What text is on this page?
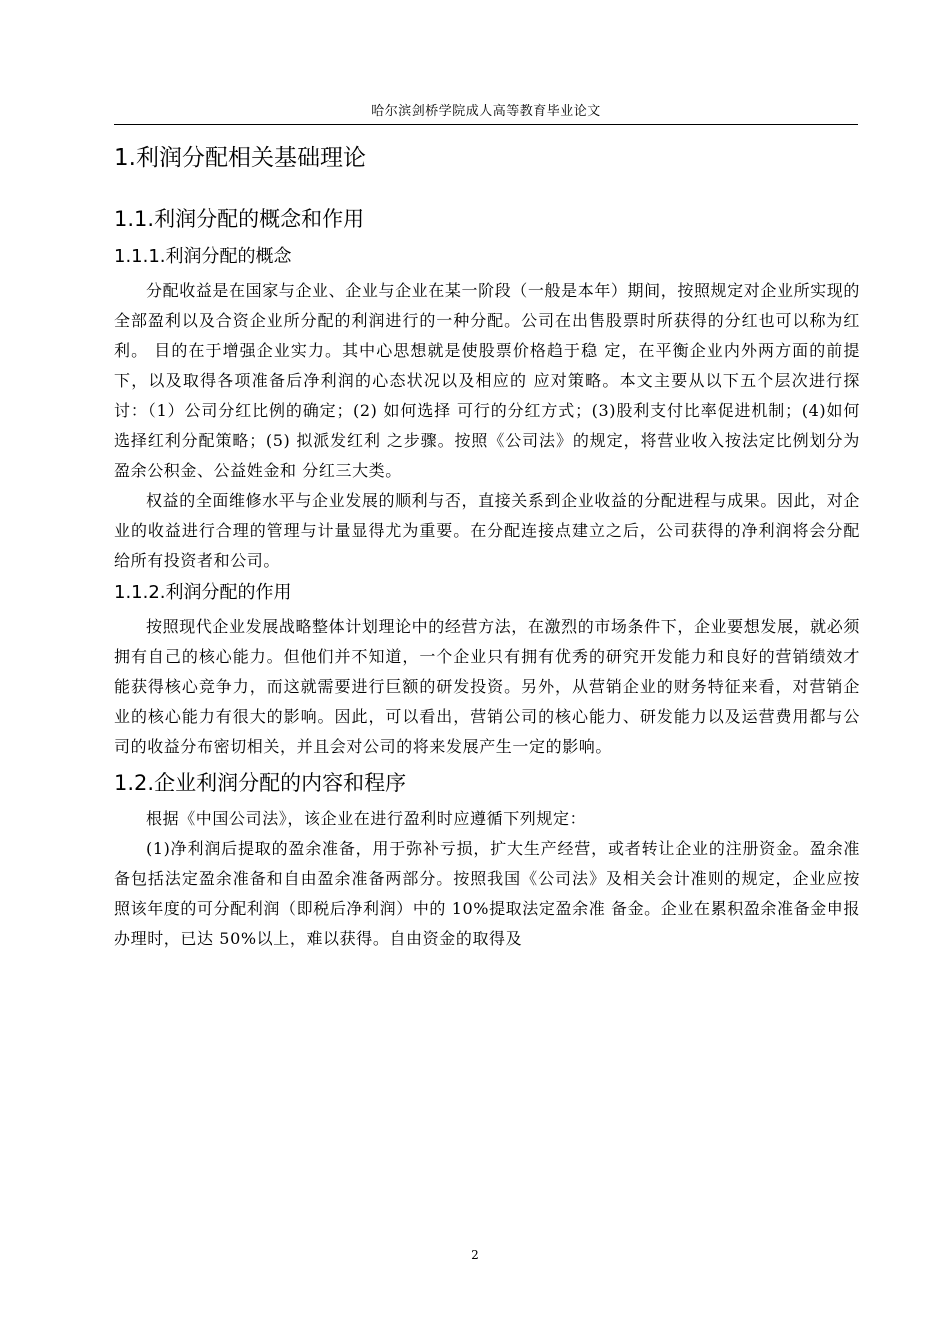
哈尔滨剑桥学院成人高等教育毕业论文
1.利润分配相关基础理论
1.1.利润分配的概念和作用
1.1.1.利润分配的概念

分配收益是在国家与企业、企业与企业在某一阶段（一般是本年）期间，按照规定对企业所实现的全部盈利以及合资企业所分配的利润进行的一种分配。公司在出售股票时所获得的分红也可以称为红利。 目的在于增强企业实力。其中心思想就是使股票价格趋于稳 定，在平衡企业内外两方面的前提下，以及取得各项准备后净利润的心态状况以及相应的 应对策略。本文主要从以下五个层次进行探讨：（1）公司分红比例的确定；(2) 如何选择 可行的分红方式；(3)股利支付比率促进机制；(4)如何选择红利分配策略；(5) 拟派发红利 之步骤。按照《公司法》的规定，将营业收入按法定比例划分为盈余公积金、公益姓金和 分红三大类。

权益的全面维修水平与企业发展的顺利与否，直接关系到企业收益的分配进程与成果。因此，对企业的收益进行合理的管理与计量显得尤为重要。在分配连接点建立之后，公司获得的净利润将会分配给所有投资者和公司。

1.1.2.利润分配的作用

按照现代企业发展战略整体计划理论中的经营方法，在激烈的市场条件下，企业要想发展，就必须拥有自己的核心能力。但他们并不知道，一个企业只有拥有优秀的研究开发能力和良好的营销绩效才能获得核心竞争力，而这就需要进行巨额的研发投资。另外，从营销企业的财务特征来看，对营销企业的核心能力有很大的影响。因此，可以看出，营销公司的核心能力、研发能力以及运营费用都与公司的收益分布密切相关，并且会对公司的将来发展产生一定的影响。

1.2.企业利润分配的内容和程序

根据《中国公司法》，该企业在进行盈利时应遵循下列规定：

(1)净利润后提取的盈余准备，用于弥补亏损，扩大生产经营，或者转让企业的注册资金。盈余准备包括法定盈余准备和自由盈余准备两部分。按照我国《公司法》及相关会计准则的规定，企业应按照该年度的可分配利润（即税后净利润）中的 10%提取法定盈余准 备金。企业在累积盈余准备金申报办理时，已达 50%以上，难以获得。自由资金的取得及

2
